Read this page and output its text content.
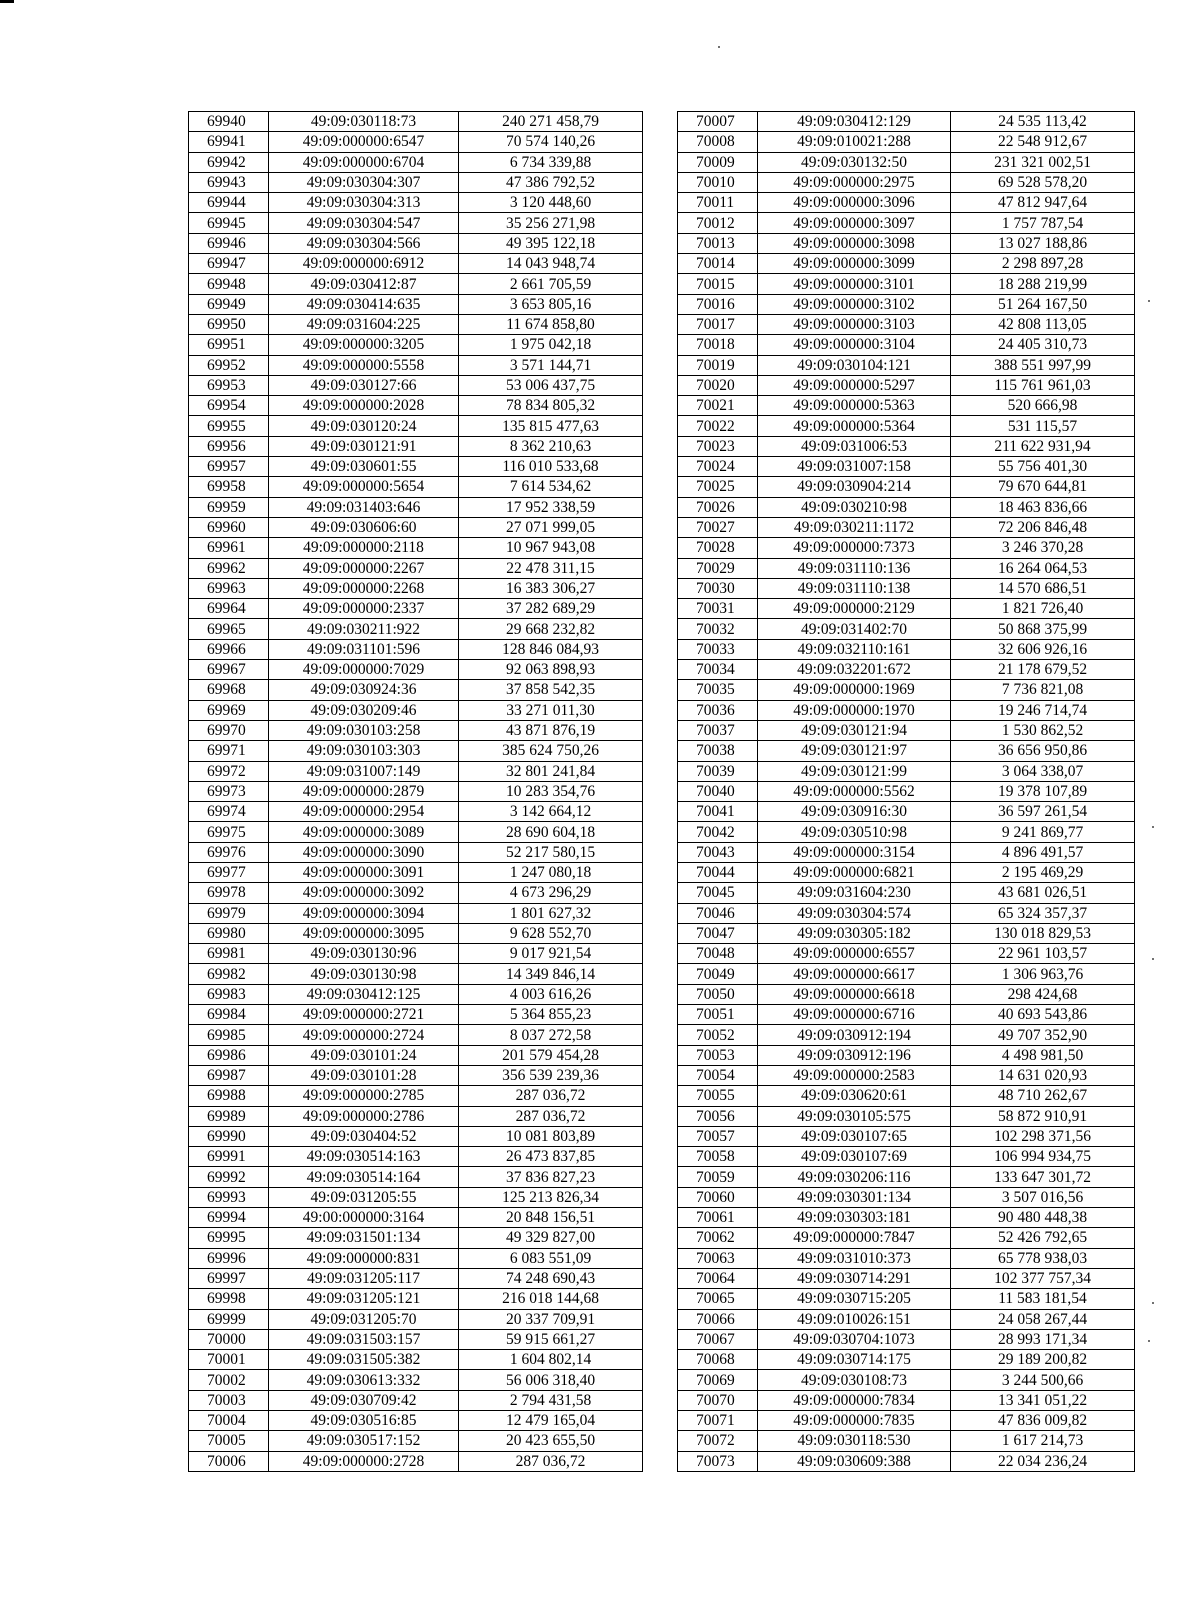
69940	49:09:030118:73	240 271 458,79
69941	49:09:000000:6547	70 574 140,26
69942	49:09:000000:6704	6 734 339,88
69943	49:09:030304:307	47 386 792,52
69944	49:09:030304:313	3 120 448,60
69945	49:09:030304:547	35 256 271,98
69946	49:09:030304:566	49 395 122,18
69947	49:09:000000:6912	14 043 948,74
69948	49:09:030412:87	2 661 705,59
69949	49:09:030414:635	3 653 805,16
69950	49:09:031604:225	11 674 858,80
69951	49:09:000000:3205	1 975 042,18
69952	49:09:000000:5558	3 571 144,71
69953	49:09:030127:66	53 006 437,75
69954	49:09:000000:2028	78 834 805,32
69955	49:09:030120:24	135 815 477,63
69956	49:09:030121:91	8 362 210,63
69957	49:09:030601:55	116 010 533,68
69958	49:09:000000:5654	7 614 534,62
69959	49:09:031403:646	17 952 338,59
69960	49:09:030606:60	27 071 999,05
69961	49:09:000000:2118	10 967 943,08
69962	49:09:000000:2267	22 478 311,15
69963	49:09:000000:2268	16 383 306,27
69964	49:09:000000:2337	37 282 689,29
69965	49:09:030211:922	29 668 232,82
69966	49:09:031101:596	128 846 084,93
69967	49:09:000000:7029	92 063 898,93
69968	49:09:030924:36	37 858 542,35
69969	49:09:030209:46	33 271 011,30
69970	49:09:030103:258	43 871 876,19
69971	49:09:030103:303	385 624 750,26
69972	49:09:031007:149	32 801 241,84
69973	49:09:000000:2879	10 283 354,76
69974	49:09:000000:2954	3 142 664,12
69975	49:09:000000:3089	28 690 604,18
69976	49:09:000000:3090	52 217 580,15
69977	49:09:000000:3091	1 247 080,18
69978	49:09:000000:3092	4 673 296,29
69979	49:09:000000:3094	1 801 627,32
69980	49:09:000000:3095	9 628 552,70
69981	49:09:030130:96	9 017 921,54
69982	49:09:030130:98	14 349 846,14
69983	49:09:030412:125	4 003 616,26
69984	49:09:000000:2721	5 364 855,23
69985	49:09:000000:2724	8 037 272,58
69986	49:09:030101:24	201 579 454,28
69987	49:09:030101:28	356 539 239,36
69988	49:09:000000:2785	287 036,72
69989	49:09:000000:2786	287 036,72
69990	49:09:030404:52	10 081 803,89
69991	49:09:030514:163	26 473 837,85
69992	49:09:030514:164	37 836 827,23
69993	49:09:031205:55	125 213 826,34
69994	49:00:000000:3164	20 848 156,51
69995	49:09:031501:134	49 329 827,00
69996	49:09:000000:831	6 083 551,09
69997	49:09:031205:117	74 248 690,43
69998	49:09:031205:121	216 018 144,68
69999	49:09:031205:70	20 337 709,91
70000	49:09:031503:157	59 915 661,27
70001	49:09:031505:382	1 604 802,14
70002	49:09:030613:332	56 006 318,40
70003	49:09:030709:42	2 794 431,58
70004	49:09:030516:85	12 479 165,04
70005	49:09:030517:152	20 423 655,50
70006	49:09:000000:2728	287 036,72
70007	49:09:030412:129	24 535 113,42
70008	49:09:010021:288	22 548 912,67
70009	49:09:030132:50	231 321 002,51
70010	49:09:000000:2975	69 528 578,20
70011	49:09:000000:3096	47 812 947,64
70012	49:09:000000:3097	1 757 787,54
70013	49:09:000000:3098	13 027 188,86
70014	49:09:000000:3099	2 298 897,28
70015	49:09:000000:3101	18 288 219,99
70016	49:09:000000:3102	51 264 167,50
70017	49:09:000000:3103	42 808 113,05
70018	49:09:000000:3104	24 405 310,73
70019	49:09:030104:121	388 551 997,99
70020	49:09:000000:5297	115 761 961,03
70021	49:09:000000:5363	520 666,98
70022	49:09:000000:5364	531 115,57
70023	49:09:031006:53	211 622 931,94
70024	49:09:031007:158	55 756 401,30
70025	49:09:030904:214	79 670 644,81
70026	49:09:030210:98	18 463 836,66
70027	49:09:030211:1172	72 206 846,48
70028	49:09:000000:7373	3 246 370,28
70029	49:09:031110:136	16 264 064,53
70030	49:09:031110:138	14 570 686,51
70031	49:09:000000:2129	1 821 726,40
70032	49:09:031402:70	50 868 375,99
70033	49:09:032110:161	32 606 926,16
70034	49:09:032201:672	21 178 679,52
70035	49:09:000000:1969	7 736 821,08
70036	49:09:000000:1970	19 246 714,74
70037	49:09:030121:94	1 530 862,52
70038	49:09:030121:97	36 656 950,86
70039	49:09:030121:99	3 064 338,07
70040	49:09:000000:5562	19 378 107,89
70041	49:09:030916:30	36 597 261,54
70042	49:09:030510:98	9 241 869,77
70043	49:09:000000:3154	4 896 491,57
70044	49:09:000000:6821	2 195 469,29
70045	49:09:031604:230	43 681 026,51
70046	49:09:030304:574	65 324 357,37
70047	49:09:030305:182	130 018 829,53
70048	49:09:000000:6557	22 961 103,57
70049	49:09:000000:6617	1 306 963,76
70050	49:09:000000:6618	298 424,68
70051	49:09:000000:6716	40 693 543,86
70052	49:09:030912:194	49 707 352,90
70053	49:09:030912:196	4 498 981,50
70054	49:09:000000:2583	14 631 020,93
70055	49:09:030620:61	48 710 262,67
70056	49:09:030105:575	58 872 910,91
70057	49:09:030107:65	102 298 371,56
70058	49:09:030107:69	106 994 934,75
70059	49:09:030206:116	133 647 301,72
70060	49:09:030301:134	3 507 016,56
70061	49:09:030303:181	90 480 448,38
70062	49:09:000000:7847	52 426 792,65
70063	49:09:031010:373	65 778 938,03
70064	49:09:030714:291	102 377 757,34
70065	49:09:030715:205	11 583 181,54
70066	49:09:010026:151	24 058 267,44
70067	49:09:030704:1073	28 993 171,34
70068	49:09:030714:175	29 189 200,82
70069	49:09:030108:73	3 244 500,66
70070	49:09:000000:7834	13 341 051,22
70071	49:09:000000:7835	47 836 009,82
70072	49:09:030118:530	1 617 214,73
70073	49:09:030609:388	22 034 236,24
